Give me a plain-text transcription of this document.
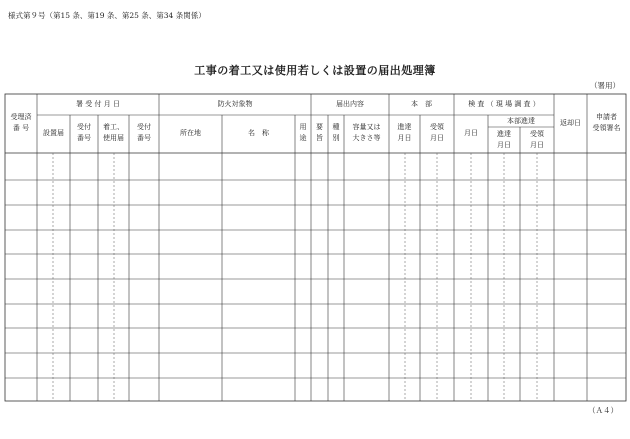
様式第９号（第15 条、第19 条、第25 条、第34 条関係）
工事の着工又は使用若しくは設置の届出処理簿
（署用）
（Ａ４）
受理済
番 号
署 受 付 月 日
設置届
受付
番号
着工、
使用届
受付
番号
防火対象物
所在地	名　称
用
途
届出内容
要
旨
種
別
容量又は
大きさ等
本　部
進達
月日
受領
月日
検 査 （ 現 場 調 査 ）
月日
本部進達
進達
月日
受領
月日
返却日
申請者
受領署名
